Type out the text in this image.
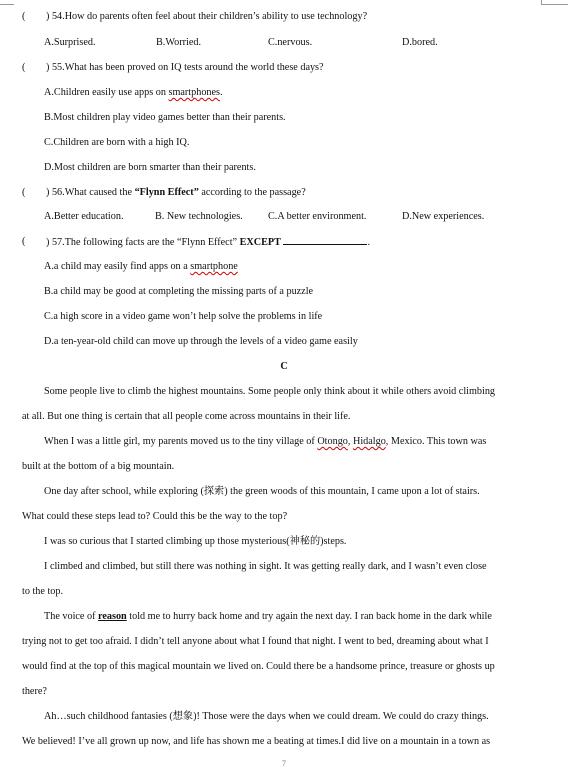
( ) 54.How do parents often feel about their children’s ability to use technology?
A.Surprised.	B.Worried.	C.nervous.	D.bored.
( ) 55.What has been proved on IQ tests around the world these days?
A.Children easily use apps on smartphones.
B.Most children play video games better than their parents.
C.Children are born with a high IQ.
D.Most children are born smarter than their parents.
( ) 56.What caused the “Flynn Effect” according to the passage?
A.Better education.	B. New technologies. C.A better environment.	D.New experiences.
( ) 57.The following facts are the “Flynn Effect” EXCEPT	.
A.a child may easily find apps on a smartphone
B.a child may be good at completing the missing parts of a puzzle
C.a high score in a video game won’t help solve the problems in life
D.a ten-year-old child can move up through the levels of a video game easily
C
Some people live to climb the highest mountains. Some people only think about it while others avoid climbing
at all. But one thing is certain that all people come across mountains in their life.
When I was a little girl, my parents moved us to the tiny village of Otongo, Hidalgo, Mexico. This town was
built at the bottom of a big mountain.
One day after school, while exploring (探索) the green woods of this mountain, I came upon a lot of stairs.
What could these steps lead to? Could this be the way to the top?
I was so curious that I started climbing up those mysterious(神秘的)steps.
I climbed and climbed, but still there was nothing in sight. It was getting really dark, and I wasn’t even close
to the top.
The voice of reason told me to hurry back home and try again the next day. I ran back home in the dark while
trying not to get too afraid. I didn’t tell anyone about what I found that night. I went to bed, dreaming about what I
would find at the top of this magical mountain we lived on. Could there be a handsome prince, treasure or ghosts up
there?
Ah…such childhood fantasies (想象)! Those were the days when we could dream. We could do crazy things.
We believed! I’ve all grown up now, and life has shown me a beating at times.I did live on a mountain in a town as
7
